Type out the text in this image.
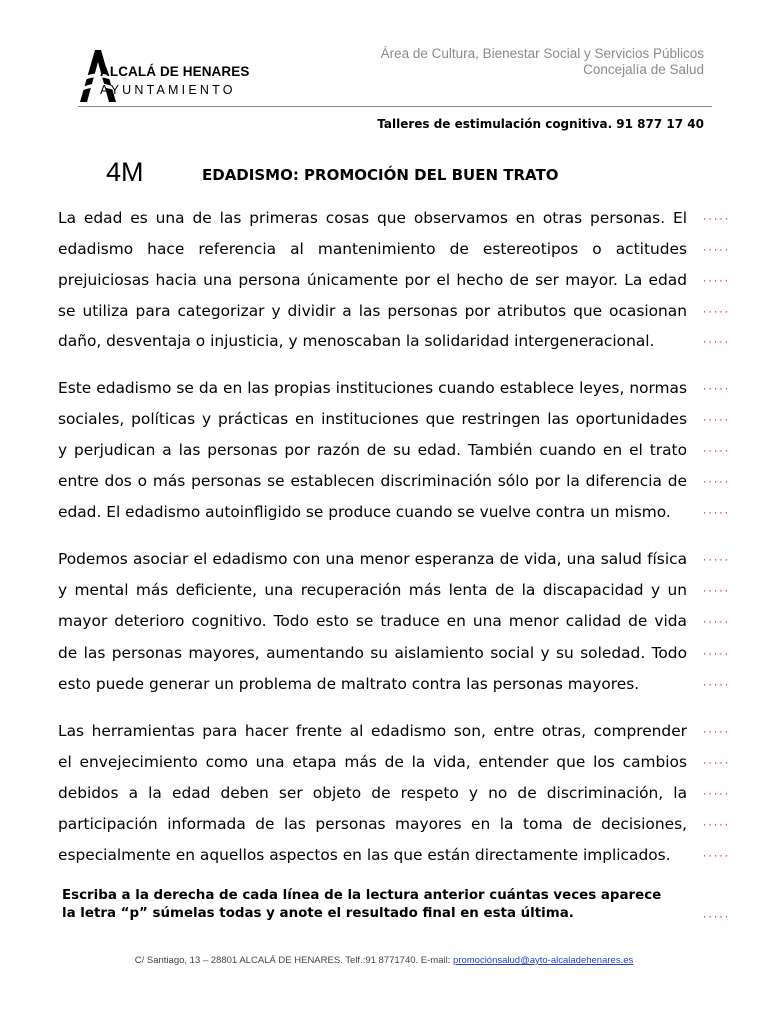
ALCALÁ DE HENARES
AYUNTAMIENTO
Área de Cultura, Bienestar Social y Servicios Públicos
Concejalía de Salud
Talleres de estimulación cognitiva. 91 877 17 40
4M	EDADISMO: PROMOCIÓN DEL BUEN TRATO
La edad es una de las primeras cosas que observamos en otras personas. El
edadismo hace referencia al mantenimiento de estereotipos o actitudes
prejuiciosas hacia una persona únicamente por el hecho de ser mayor. La edad
se utiliza para categorizar y dividir a las personas por atributos que ocasionan
daño, desventaja o injusticia, y menoscaban la solidaridad intergeneracional.
Este edadismo se da en las propias instituciones cuando establece leyes, normas
sociales, políticas y prácticas en instituciones que restringen las oportunidades
y perjudican a las personas por razón de su edad. También cuando en el trato
entre dos o más personas se establecen discriminación sólo por la diferencia de
edad. El edadismo autoinfligido se produce cuando se vuelve contra un mismo.
Podemos asociar el edadismo con una menor esperanza de vida, una salud física
y mental más deficiente, una recuperación más lenta de la discapacidad y un
mayor deterioro cognitivo. Todo esto se traduce en una menor calidad de vida
de las personas mayores, aumentando su aislamiento social y su soledad. Todo
esto puede generar un problema de maltrato contra las personas mayores.
Las herramientas para hacer frente al edadismo son, entre otras, comprender
el envejecimiento como una etapa más de la vida, entender que los cambios
debidos a la edad deben ser objeto de respeto y no de discriminación, la
participación informada de las personas mayores en la toma de decisiones,
especialmente en aquellos aspectos en las que están directamente implicados.
·····
·····
·····
·····
·····
·····
·····
·····
·····
·····
·····
·····
·····
·····
·····
·····
·····
·····
·····
·····
Escriba a la derecha de cada línea de la lectura anterior cuántas veces aparece
la letra “p” súmelas todas y anote el resultado final en esta última.	·····
C/ Santiago, 13 – 28801 ALCALÁ DE HENARES. Telf.:91 8771740. E-mail: promociónsalud@ayto-alcaladehenares.es
